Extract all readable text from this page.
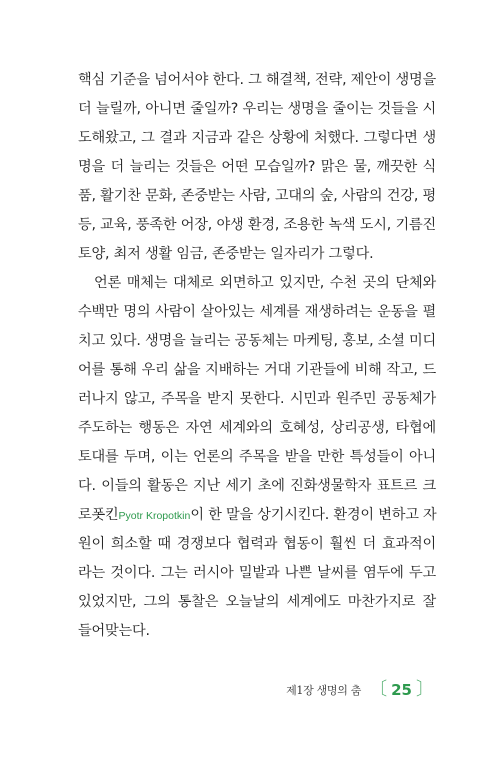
핵심 기준을 넘어서야 한다. 그 해결책, 전략, 제안이 생명을
더 늘릴까, 아니면 줄일까? 우리는 생명을 줄이는 것들을 시
도해왔고, 그 결과 지금과 같은 상황에 처했다. 그렇다면 생
명을 더 늘리는 것들은 어떤 모습일까? 맑은 물, 깨끗한 식
품, 활기찬 문화, 존중받는 사람, 고대의 숲, 사람의 건강, 평
등, 교육, 풍족한 어장, 야생 환경, 조용한 녹색 도시, 기름진
토양, 최저 생활 임금, 존중받는 일자리가 그렇다.
언론 매체는 대체로 외면하고 있지만, 수천 곳의 단체와
수백만 명의 사람이 살아있는 세계를 재생하려는 운동을 펼
치고 있다. 생명을 늘리는 공동체는 마케팅, 홍보, 소셜 미디
어를 통해 우리 삶을 지배하는 거대 기관들에 비해 작고, 드
러나지 않고, 주목을 받지 못한다. 시민과 원주민 공동체가
주도하는 행동은 자연 세계와의 호혜성, 상리공생, 타협에
토대를 두며, 이는 언론의 주목을 받을 만한 특성들이 아니
다. 이들의 활동은 지난 세기 초에 진화생물학자 표트르 크
로폿킨Pyotr Kropotkin이 한 말을 상기시킨다. 환경이 변하고 자
원이 희소할 때 경쟁보다 협력과 협동이 훨씬 더 효과적이
라는 것이다. 그는 러시아 밀밭과 나쁜 날씨를 염두에 두고
있었지만, 그의 통찰은 오늘날의 세계에도 마찬가지로 잘
들어맞는다.
제1장 생명의 춤 〔 25 〕
